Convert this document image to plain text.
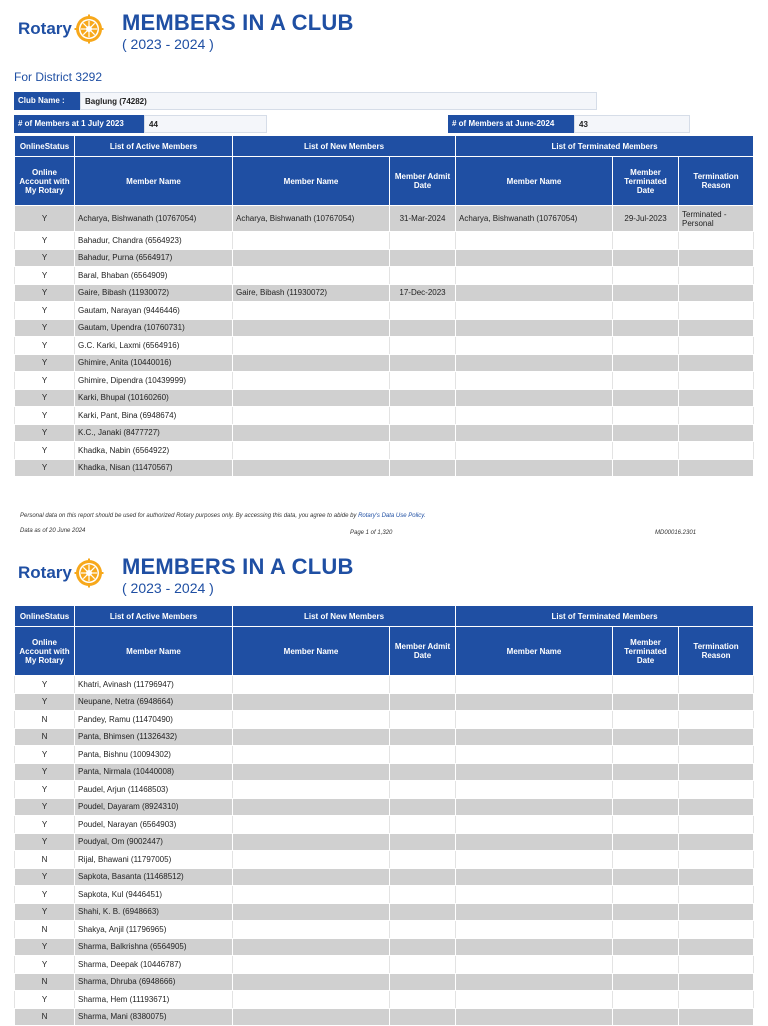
Rotary MEMBERS IN A CLUB
( 2023 - 2024 )
For District 3292
Club Name :	Baglung (74282)
# of Members at 1 July 2023	44	# of Members at June-2024	43
OnlineStatus	List of Active Members	List of New Members		List of Terminated Members		
Online Account with My Rotary	Member Name	Member Name	Member Admit Date	Member Name	Member Terminated Date	Termination Reason
Y	Acharya, Bishwanath (10767054)	Acharya, Bishwanath (10767054)	31-Mar-2024	Acharya, Bishwanath (10767054)	29-Jul-2023	Terminated - Personal
Y	Bahadur, Chandra (6564923)					
Y	Bahadur, Purna (6564917)					
Y	Baral, Bhaban (6564909)					
Y	Gaire, Bibash (11930072)	Gaire, Bibash (11930072)	17-Dec-2023			
Y	Gautam, Narayan (9446446)					
Y	Gautam, Upendra (10760731)					
Y	G.C. Karki, Laxmi (6564916)					
Y	Ghimire, Anita (10440016)					
Y	Ghimire, Dipendra (10439999)					
Y	Karki, Bhupal (10160260)					
Y	Karki, Pant, Bina (6948674)					
Y	K.C., Janaki (8477727)					
Y	Khadka, Nabin (6564922)					
Y	Khadka, Nisan (11470567)					
Personal data on this report should be used for authorized Rotary purposes only. By accessing this data, you agree to abide by Rotary's Data Use Policy.
Data as of 20 June 2024	Page 1 of 1,320	MD00016.2301
Rotary MEMBERS IN A CLUB
( 2023 - 2024 )
OnlineStatus	List of Active Members	List of New Members		List of Terminated Members		
Online Account with My Rotary	Member Name	Member Name	Member Admit Date	Member Name	Member Terminated Date	Termination Reason
Y	Khatri, Avinash (11796947)					
Y	Neupane, Netra (6948664)					
N	Pandey, Ramu (11470490)					
N	Panta, Bhimsen (11326432)					
Y	Panta, Bishnu (10094302)					
Y	Panta, Nirmala (10440008)					
Y	Paudel, Arjun (11468503)					
Y	Poudel, Dayaram (8924310)					
Y	Poudel, Narayan (6564903)					
Y	Poudyal, Om (9002447)					
N	Rijal, Bhawani (11797005)					
Y	Sapkota, Basanta (11468512)					
Y	Sapkota, Kul (9446451)					
Y	Shahi, K. B. (6948663)					
N	Shakya, Anjil (11796965)					
Y	Sharma, Balkrishna (6564905)					
Y	Sharma, Deepak (10446787)					
N	Sharma, Dhruba (6948666)					
Y	Sharma, Hem (11193671)					
N	Sharma, Mani (8380075)					
